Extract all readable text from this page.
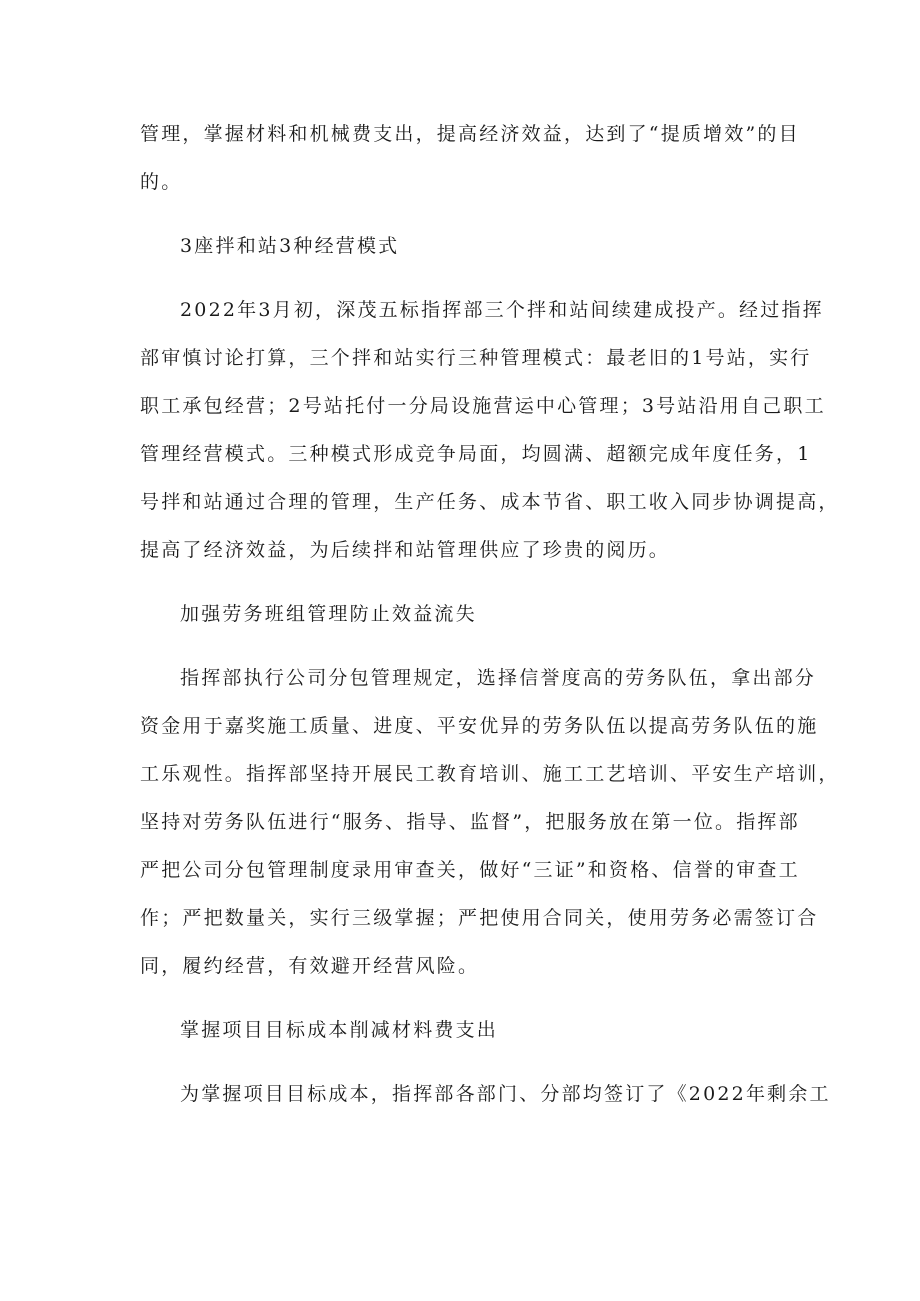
管理，掌握材料和机械费支出，提高经济效益，达到了“提质增效”的目
的。
3座拌和站3种经营模式
2022年3月初，深茂五标指挥部三个拌和站间续建成投产。经过指挥
部审慎讨论打算，三个拌和站实行三种管理模式：最老旧的1号站，实行
职工承包经营；2号站托付一分局设施营运中心管理；3号站沿用自己职工
管理经营模式。三种模式形成竞争局面，均圆满、超额完成年度任务，1
号拌和站通过合理的管理，生产任务、成本节省、职工收入同步协调提高，
提高了经济效益，为后续拌和站管理供应了珍贵的阅历。
加强劳务班组管理防止效益流失
指挥部执行公司分包管理规定，选择信誉度高的劳务队伍，拿出部分
资金用于嘉奖施工质量、进度、平安优异的劳务队伍以提高劳务队伍的施
工乐观性。指挥部坚持开展民工教育培训、施工工艺培训、平安生产培训，
坚持对劳务队伍进行“服务、指导、监督”，把服务放在第一位。指挥部
严把公司分包管理制度录用审查关，做好“三证”和资格、信誉的审查工
作；严把数量关，实行三级掌握；严把使用合同关，使用劳务必需签订合
同，履约经营，有效避开经营风险。
掌握项目目标成本削减材料费支出
为掌握项目目标成本，指挥部各部门、分部均签订了《2022年剩余工
